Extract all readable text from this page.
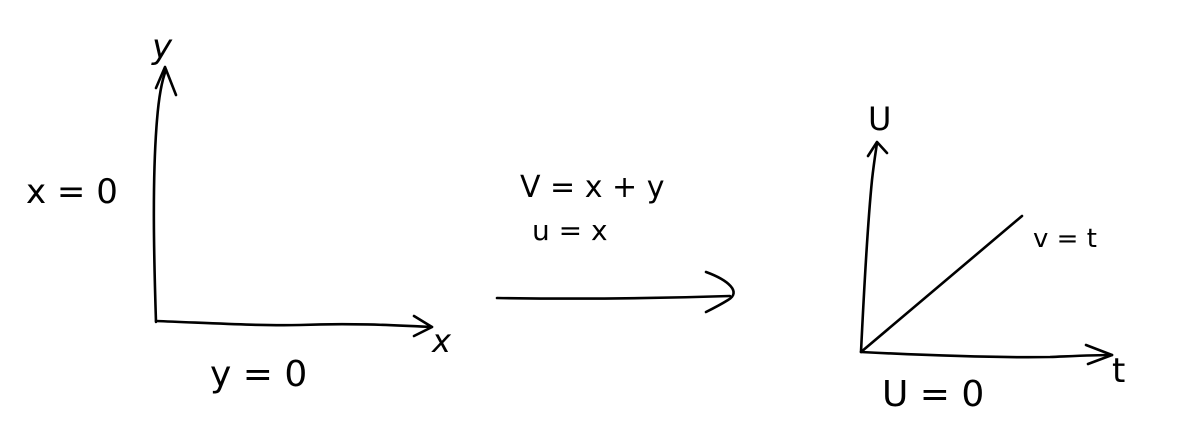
y
x
x = 0
y = 0
V = x + y
u = x
U
t
v = t
U = 0
